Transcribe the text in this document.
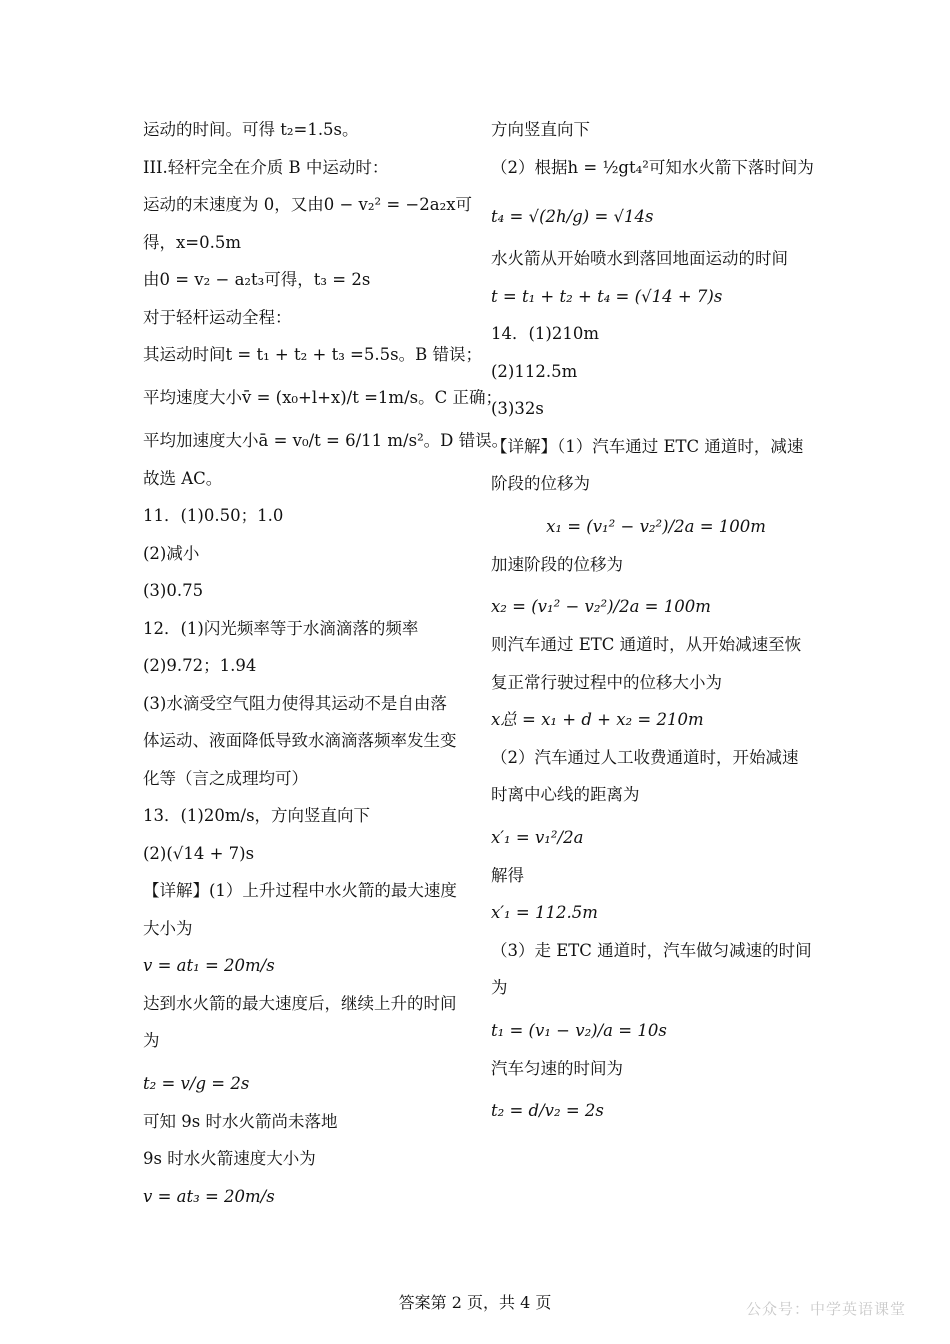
运动的时间。可得 t₂=1.5s。
III.轻杆完全在介质 B 中运动时：
运动的末速度为 0，又由0 − v₂² = −2a₂x可
得，x=0.5m
由0 = v₂ − a₂t₃可得，t₃ = 2s
对于轻杆运动全程：
其运动时间t = t₁ + t₂ + t₃ =5.5s。B 错误；
平均速度大小v̄ = (x₀+l+x)/t =1m/s。C 正确；
平均加速度大小ā = v₀/t = 6/11 m/s²。D 错误。
故选 AC。
11．(1)0.50；1.0
(2)减小
(3)0.75
12．(1)闪光频率等于水滴滴落的频率
(2)9.72；1.94
(3)水滴受空气阻力使得其运动不是自由落
体运动、液面降低导致水滴滴落频率发生变
化等（言之成理均可）
13．(1)20m/s，方向竖直向下
(2)(√14 + 7)s
【详解】(1）上升过程中水火箭的最大速度
大小为
v = at₁ = 20m/s
达到水火箭的最大速度后，继续上升的时间
为
t₂ = v/g = 2s
可知 9s 时水火箭尚未落地
9s 时水火箭速度大小为
v = at₃ = 20m/s
方向竖直向下
（2）根据h = ½gt₄²可知水火箭下落时间为
t₄ = √(2h/g) = √14s
水火箭从开始喷水到落回地面运动的时间
t = t₁ + t₂ + t₄ = (√14 + 7)s
14．(1)210m
(2)112.5m
(3)32s
【详解】（1）汽车通过 ETC 通道时，减速
阶段的位移为
x₁ = (v₁² − v₂²)/2a = 100m
加速阶段的位移为
x₂ = (v₁² − v₂²)/2a = 100m
则汽车通过 ETC 通道时，从开始减速至恢
复正常行驶过程中的位移大小为
x总 = x₁ + d + x₂ = 210m
（2）汽车通过人工收费通道时，开始减速
时离中心线的距离为
x′₁ = v₁²/2a
解得
x′₁ = 112.5m
（3）走 ETC 通道时，汽车做匀减速的时间
为
t₁ = (v₁ − v₂)/a = 10s
汽车匀速的时间为
t₂ = d/v₂ = 2s
答案第 2 页，共 4 页	公众号：中学英语课堂
